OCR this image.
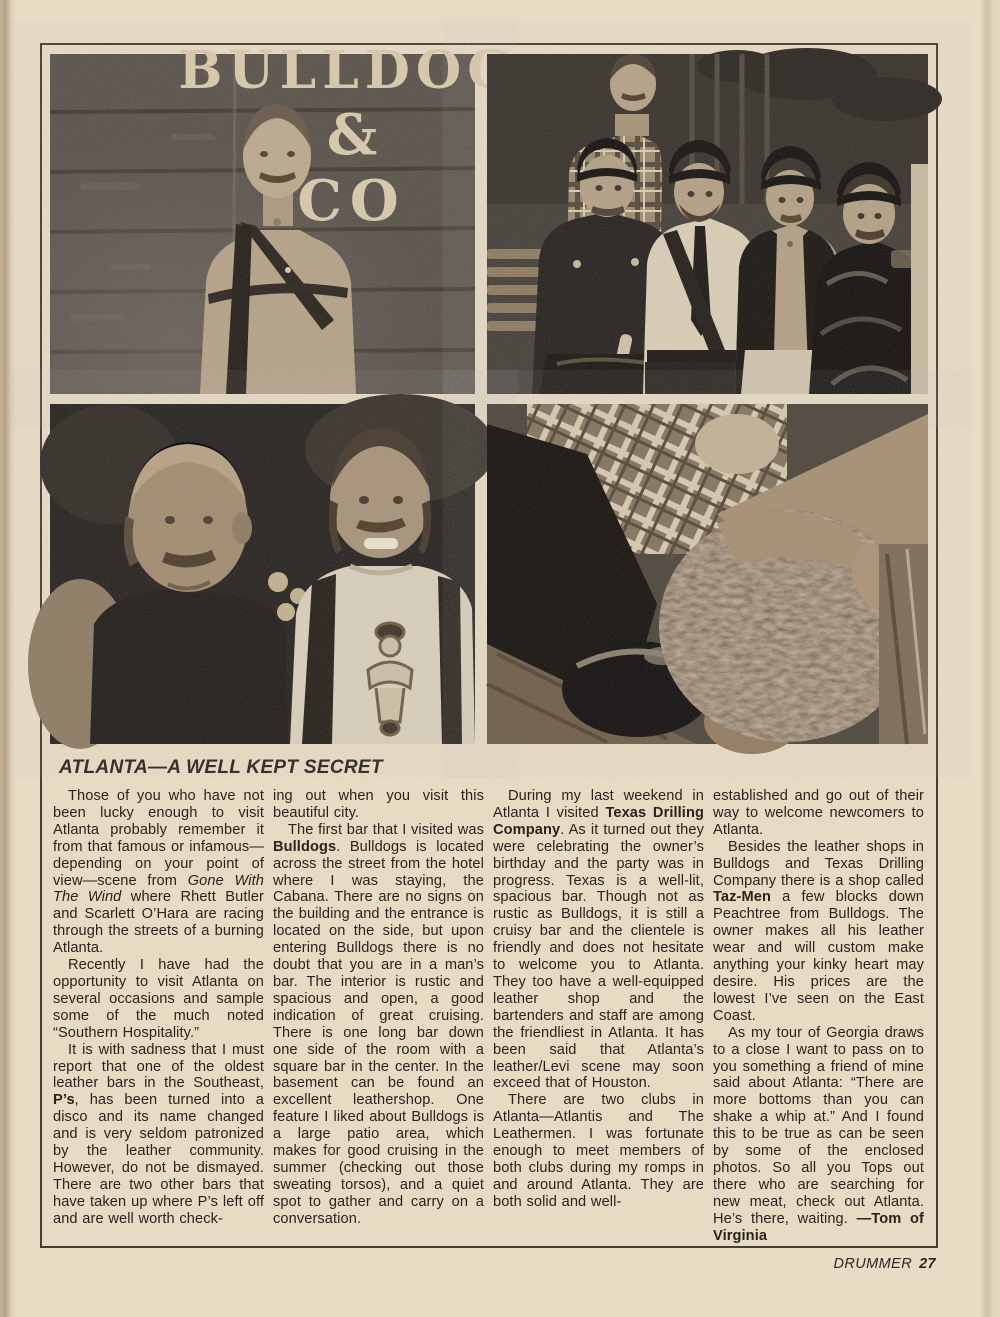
ATLANTA—A WELL KEPT SECRET

Those of you who have not been lucky enough to visit Atlanta probably remember it from that famous or infamous—depending on your point of view—scene from Gone With The Wind where Rhett Butler and Scarlett O’Hara are racing through the streets of a burning Atlanta.

Recently I have had the opportunity to visit Atlanta on several occasions and sample some of the much noted “Southern Hospitality.”

It is with sadness that I must report that one of the oldest leather bars in the Southeast, P’s, has been turned into a disco and its name changed and is very seldom patronized by the leather community. However, do not be dismayed. There are two other bars that have taken up where P’s left off and are well worth check-

ing out when you visit this beautiful city.

The first bar that I visited was Bulldogs. Bulldogs is located across the street from the hotel where I was staying, the Cabana. There are no signs on the building and the entrance is located on the side, but upon entering Bulldogs there is no doubt that you are in a man’s bar. The interior is rustic and spacious and open, a good indication of great cruising. There is one long bar down one side of the room with a square bar in the center. In the basement can be found an excellent leathershop. One feature I liked about Bulldogs is a large patio area, which makes for good cruising in the summer (checking out those sweating torsos), and a quiet spot to gather and carry on a conversation.

During my last weekend in Atlanta I visited Texas Drilling Company. As it turned out they were celebrating the owner’s birthday and the party was in progress. Texas is a well-lit, spacious bar. Though not as rustic as Bulldogs, it is still a cruisy bar and the clientele is friendly and does not hesitate to welcome you to Atlanta. They too have a well-equipped leather shop and the bartenders and staff are among the friendliest in Atlanta. It has been said that Atlanta’s leather/Levi scene may soon exceed that of Houston.

There are two clubs in Atlanta—Atlantis and The Leathermen. I was fortunate enough to meet members of both clubs during my romps in and around Atlanta. They are both solid and well-

established and go out of their way to welcome newcomers to Atlanta.

Besides the leather shops in Bulldogs and Texas Drilling Company there is a shop called Taz-Men a few blocks down Peachtree from Bulldogs. The owner makes all his leather wear and will custom make anything your kinky heart may desire. His prices are the lowest I’ve seen on the East Coast.

As my tour of Georgia draws to a close I want to pass on to you something a friend of mine said about Atlanta: “There are more bottoms than you can shake a whip at.” And I found this to be true as can be seen by some of the enclosed photos. So all you Tops out there who are searching for new meat, check out Atlanta. He’s there, waiting. —Tom of Virginia

DRUMMER 27
